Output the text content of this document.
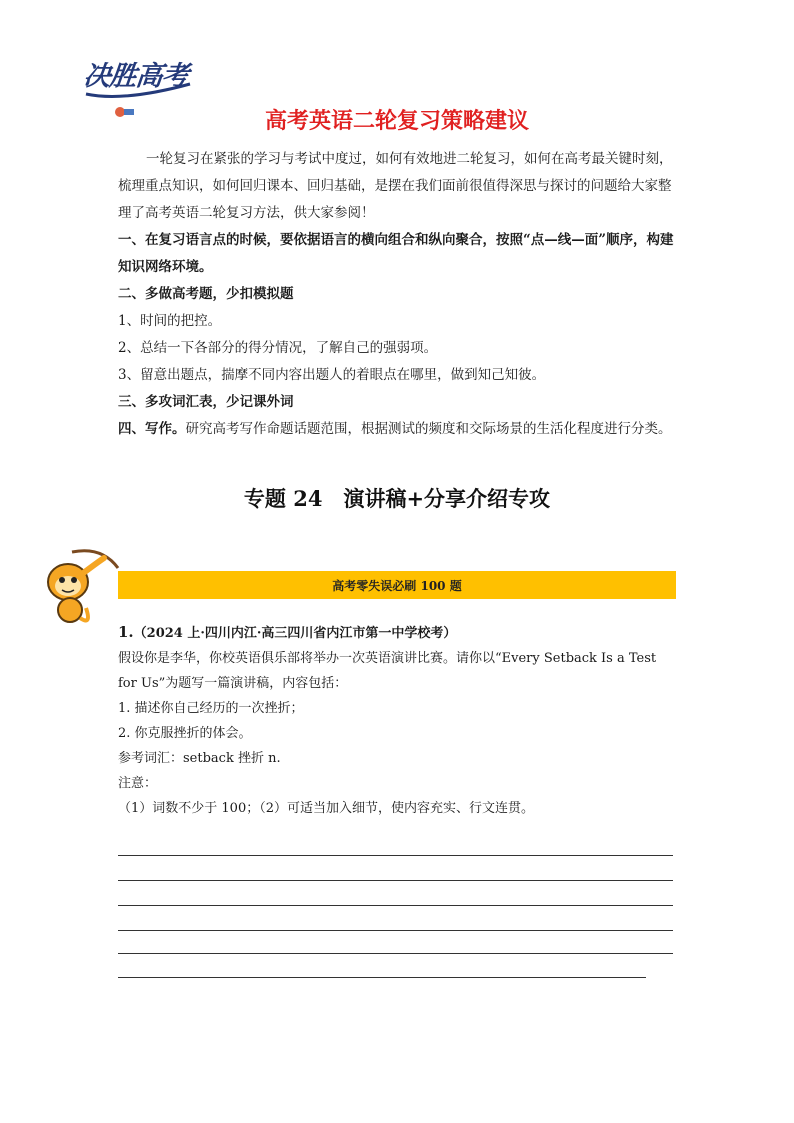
决胜高考
高考英语二轮复习策略建议

一轮复习在紧张的学习与考试中度过，如何有效地进二轮复习，如何在高考最关键时刻，梳理重点知识，如何回归课本、回归基础，是摆在我们面前很值得深思与探讨的问题给大家整理了高考英语二轮复习方法，供大家参阅！

一、在复习语言点的时候，要依据语言的横向组合和纵向聚合，按照“点—线—面”顺序，构建知识网络环境。

二、多做高考题，少扣模拟题

1、时间的把控。

2、总结一下各部分的得分情况，了解自己的强弱项。

3、留意出题点，揣摩不同内容出题人的着眼点在哪里，做到知己知彼。

三、多攻词汇表，少记课外词

四、写作。研究高考写作命题话题范围，根据测试的频度和交际场景的生活化程度进行分类。

专题 24　演讲稿+分享介绍专攻
高考零失误必刷 100 题
1.（2024 上·四川内江·高三四川省内江市第一中学校考）
假设你是李华，你校英语俱乐部将举办一次英语演讲比赛。请你以“Every Setback Is a Test for Us”为题写一篇演讲稿，内容包括：
1. 描述你自己经历的一次挫折；
2. 你克服挫折的体会。
参考词汇：setback 挫折 n.
注意：
（1）词数不少于 100；（2）可适当加入细节，使内容充实、行文连贯。
